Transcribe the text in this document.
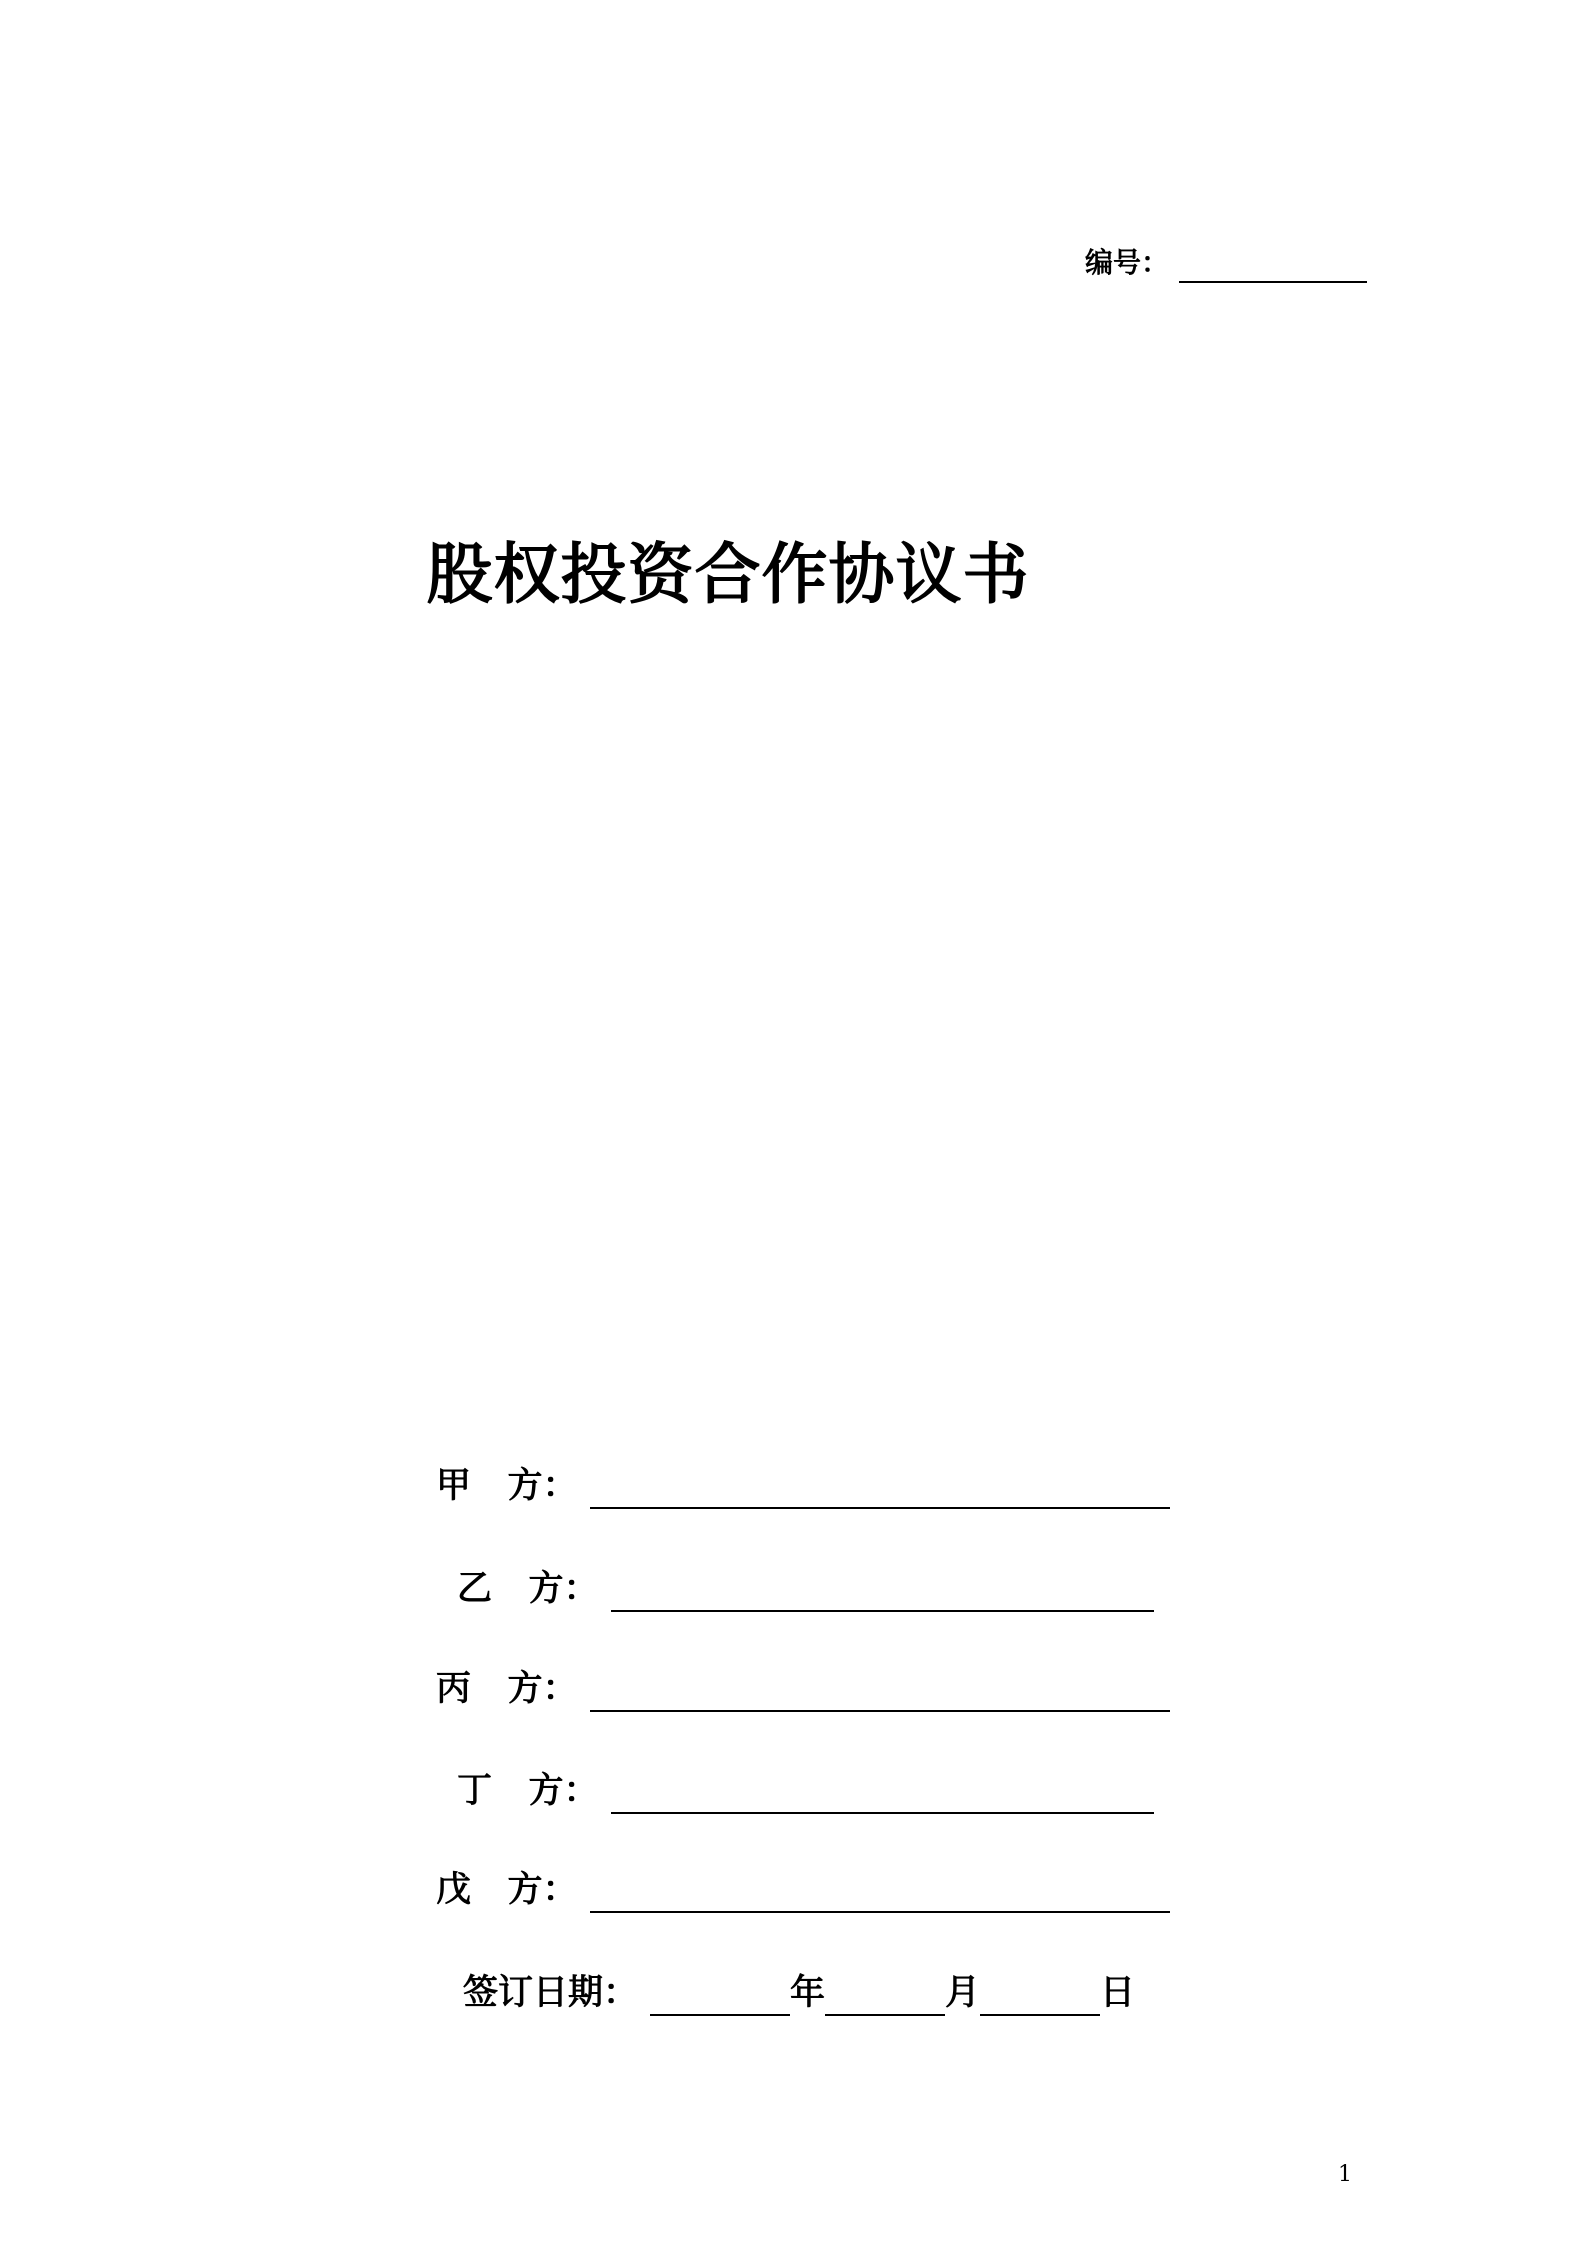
编号：
股权投资合作协议书
甲   方：
乙   方：
丙   方：
丁   方：
戊   方：
签订日期：	年	月	日
1
